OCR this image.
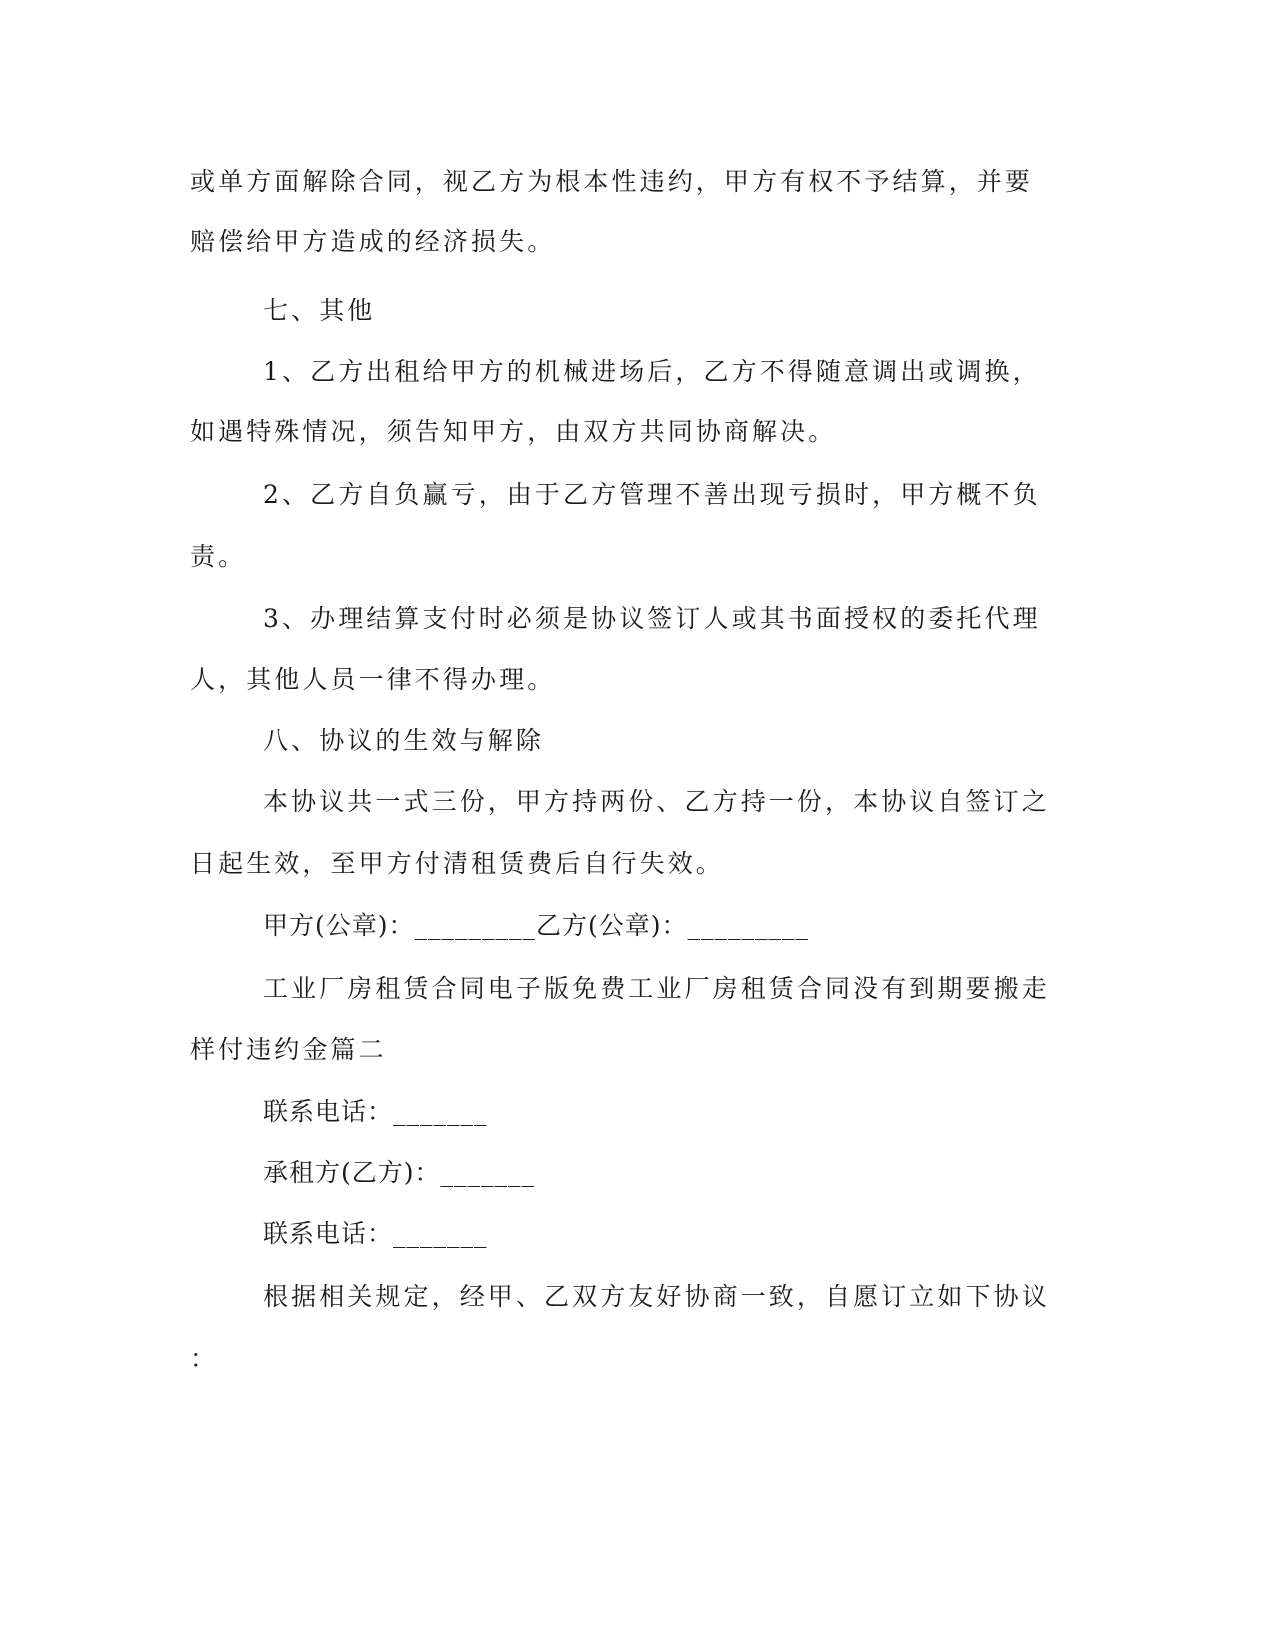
或单方面解除合同，视乙方为根本性违约，甲方有权不予结算，并要
赔偿给甲方造成的经济损失。
七、其他
1、乙方出租给甲方的机械进场后，乙方不得随意调出或调换，
如遇特殊情况，须告知甲方，由双方共同协商解决。
2、乙方自负赢亏，由于乙方管理不善出现亏损时，甲方概不负
责。
3、办理结算支付时必须是协议签订人或其书面授权的委托代理
人，其他人员一律不得办理。
八、协议的生效与解除
本协议共一式三份，甲方持两份、乙方持一份，本协议自签订之
日起生效，至甲方付清租赁费后自行失效。
甲方(公章)：_________乙方(公章)：_________
工业厂房租赁合同电子版免费工业厂房租赁合同没有到期要搬走
样付违约金篇二
联系电话：_______
承租方(乙方)：_______
联系电话：_______
根据相关规定，经甲、乙双方友好协商一致，自愿订立如下协议
：
